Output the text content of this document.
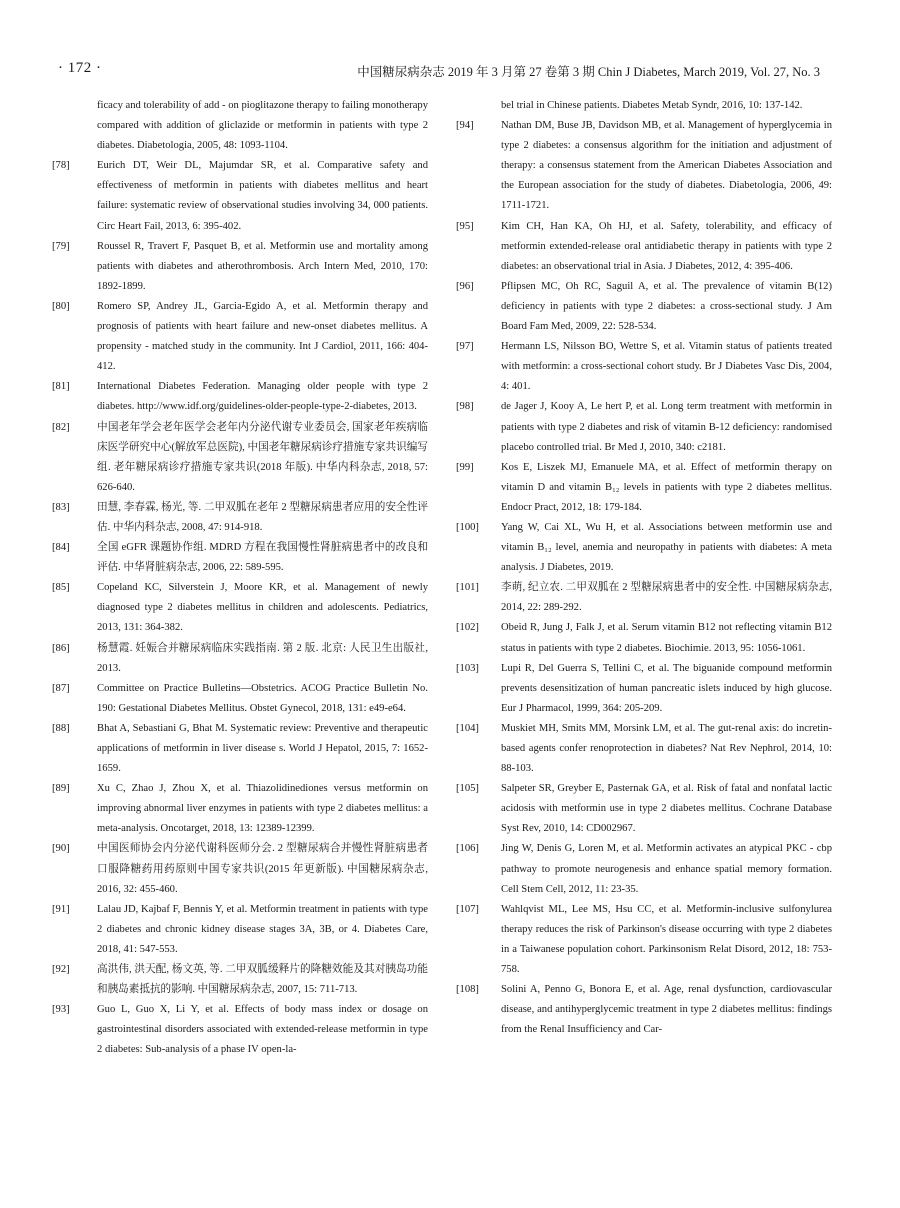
· 172 ·	中国糖尿病杂志 2019 年 3 月第 27 卷第 3 期 Chin J Diabetes, March 2019, Vol. 27, No. 3

ficacy and tolerability of add - on pioglitazone therapy to failing monotherapy compared with addition of gliclazide or metformin in patients with type 2 diabetes. Diabetologia, 2005, 48: 1093-1104.

[78]	Eurich DT, Weir DL, Majumdar SR, et al. Comparative safety and effectiveness of metformin in patients with diabetes mellitus and heart failure: systematic review of observational studies involving 34, 000 patients. Circ Heart Fail, 2013, 6: 395-402.

[79]	Roussel R, Travert F, Pasquet B, et al. Metformin use and mortality among patients with diabetes and atherothrombosis. Arch Intern Med, 2010, 170: 1892-1899.

[80]	Romero SP, Andrey JL, Garcia-Egido A, et al. Metformin therapy and prognosis of patients with heart failure and new-onset diabetes mellitus. A propensity - matched study in the community. Int J Cardiol, 2011, 166: 404-412.

[81]	International Diabetes Federation. Managing older people with type 2 diabetes. http://www.idf.org/guidelines-older-people-type-2-diabetes, 2013.

[82]	中国老年学会老年医学会老年内分泌代谢专业委员会, 国家老年疾病临床医学研究中心(解放军总医院), 中国老年糖尿病诊疗措施专家共识编写组. 老年糖尿病诊疗措施专家共识(2018 年版). 中华内科杂志, 2018, 57: 626-640.

[83]	田慧, 李春霖, 杨光, 等. 二甲双胍在老年 2 型糖尿病患者应用的安全性评估. 中华内科杂志, 2008, 47: 914-918.

[84]	全国 eGFR 课题协作组. MDRD 方程在我国慢性肾脏病患者中的改良和评估. 中华肾脏病杂志, 2006, 22: 589-595.

[85]	Copeland KC, Silverstein J, Moore KR, et al. Management of newly diagnosed type 2 diabetes mellitus in children and adolescents. Pediatrics, 2013, 131: 364-382.

[86]	杨慧霞. 妊娠合并糖尿病临床实践指南. 第 2 版. 北京: 人民卫生出版社, 2013.

[87]	Committee on Practice Bulletins—Obstetrics. ACOG Practice Bulletin No. 190: Gestational Diabetes Mellitus. Obstet Gynecol, 2018, 131: e49-e64.

[88]	Bhat A, Sebastiani G, Bhat M. Systematic review: Preventive and therapeutic applications of metformin in liver disease s. World J Hepatol, 2015, 7: 1652-1659.

[89]	Xu C, Zhao J, Zhou X, et al. Thiazolidinediones versus metformin on improving abnormal liver enzymes in patients with type 2 diabetes mellitus: a meta-analysis. Oncotarget, 2018, 13: 12389-12399.

[90]	中国医师协会内分泌代谢科医师分会. 2 型糖尿病合并慢性肾脏病患者口服降糖药用药原则中国专家共识(2015 年更新版). 中国糖尿病杂志, 2016, 32: 455-460.

[91]	Lalau JD, Kajbaf F, Bennis Y, et al. Metformin treatment in patients with type 2 diabetes and chronic kidney disease stages 3A, 3B, or 4. Diabetes Care, 2018, 41: 547-553.

[92]	高洪伟, 洪天配, 杨文英, 等. 二甲双胍缓释片的降糖效能及其对胰岛功能和胰岛素抵抗的影响. 中国糖尿病杂志, 2007, 15: 711-713.

[93]	Guo L, Guo X, Li Y, et al. Effects of body mass index or dosage on gastrointestinal disorders associated with extended-release metformin in type 2 diabetes: Sub-analysis of a phase IV open-la-

bel trial in Chinese patients. Diabetes Metab Syndr, 2016, 10: 137-142.

[94]	Nathan DM, Buse JB, Davidson MB, et al. Management of hyperglycemia in type 2 diabetes: a consensus algorithm for the initiation and adjustment of therapy: a consensus statement from the American Diabetes Association and the European association for the study of diabetes. Diabetologia, 2006, 49: 1711-1721.

[95]	Kim CH, Han KA, Oh HJ, et al. Safety, tolerability, and efficacy of metformin extended-release oral antidiabetic therapy in patients with type 2 diabetes: an observational trial in Asia. J Diabetes, 2012, 4: 395-406.

[96]	Pflipsen MC, Oh RC, Saguil A, et al. The prevalence of vitamin B(12) deficiency in patients with type 2 diabetes: a cross-sectional study. J Am Board Fam Med, 2009, 22: 528-534.

[97]	Hermann LS, Nilsson BO, Wettre S, et al. Vitamin status of patients treated with metformin: a cross-sectional cohort study. Br J Diabetes Vasc Dis, 2004, 4: 401.

[98]	de Jager J, Kooy A, Le hert P, et al. Long term treatment with metformin in patients with type 2 diabetes and risk of vitamin B-12 deficiency: randomised placebo controlled trial. Br Med J, 2010, 340: c2181.

[99]	Kos E, Liszek MJ, Emanuele MA, et al. Effect of metformin therapy on vitamin D and vitamin B₁₂ levels in patients with type 2 diabetes mellitus. Endocr Pract, 2012, 18: 179-184.

[100] Yang W, Cai XL, Wu H, et al. Associations between metformin use and vitamin B₁₂ level, anemia and neuropathy in patients with diabetes: A meta analysis. J Diabetes, 2019.

[101] 李萌, 纪立农. 二甲双胍在 2 型糖尿病患者中的安全性. 中国糖尿病杂志, 2014, 22: 289-292.

[102] Obeid R, Jung J, Falk J, et al. Serum vitamin B12 not reflecting vitamin B12 status in patients with type 2 diabetes. Biochimie. 2013, 95: 1056-1061.

[103] Lupi R, Del Guerra S, Tellini C, et al. The biguanide compound metformin prevents desensitization of human pancreatic islets induced by high glucose. Eur J Pharmacol, 1999, 364: 205-209.

[104] Muskiet MH, Smits MM, Morsink LM, et al. The gut-renal axis: do incretin-based agents confer renoprotection in diabetes? Nat Rev Nephrol, 2014, 10: 88-103.

[105] Salpeter SR, Greyber E, Pasternak GA, et al. Risk of fatal and nonfatal lactic acidosis with metformin use in type 2 diabetes mellitus. Cochrane Database Syst Rev, 2010, 14: CD002967.

[106] Jing W, Denis G, Loren M, et al. Metformin activates an atypical PKC - cbp pathway to promote neurogenesis and enhance spatial memory formation. Cell Stem Cell, 2012, 11: 23-35.

[107] Wahlqvist ML, Lee MS, Hsu CC, et al. Metformin-inclusive sulfonylurea therapy reduces the risk of Parkinson's disease occurring with type 2 diabetes in a Taiwanese population cohort. Parkinsonism Relat Disord, 2012, 18: 753-758.

[108] Solini A, Penno G, Bonora E, et al. Age, renal dysfunction, cardiovascular disease, and antihyperglycemic treatment in type 2 diabetes mellitus: findings from the Renal Insufficiency and Car-
